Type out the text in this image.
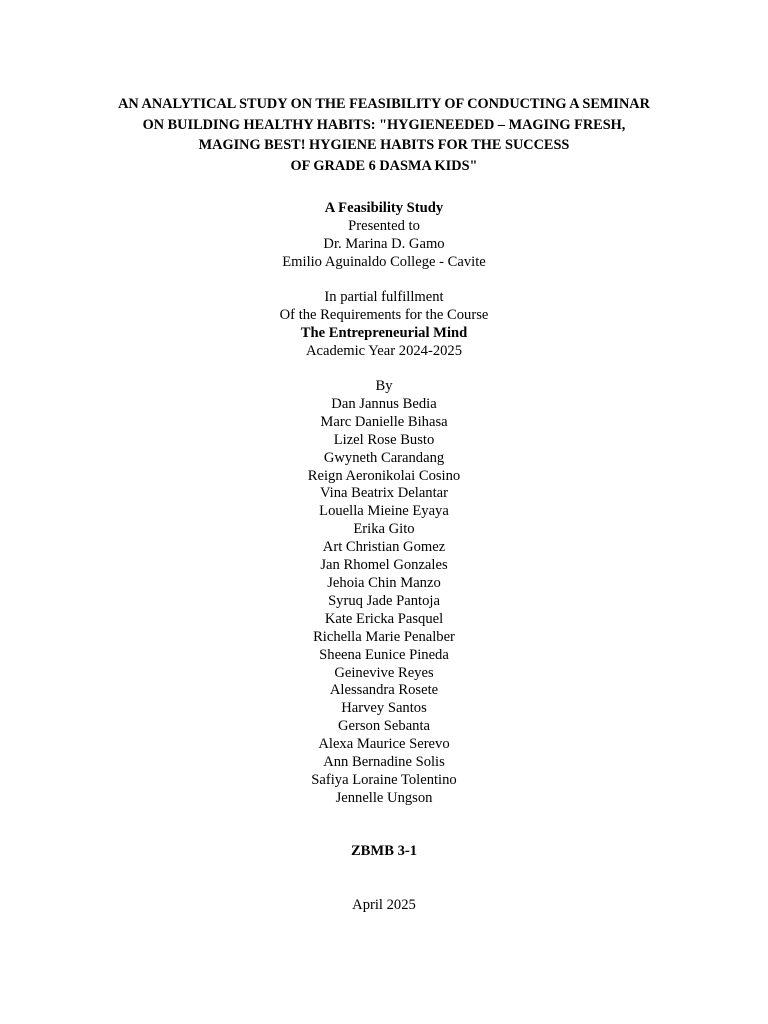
AN ANALYTICAL STUDY ON THE FEASIBILITY OF CONDUCTING A SEMINAR
ON BUILDING HEALTHY HABITS: "HYGIENEEDED – MAGING FRESH,
MAGING BEST! HYGIENE HABITS FOR THE SUCCESS
OF GRADE 6 DASMA KIDS"
A Feasibility Study
Presented to
Dr. Marina D. Gamo
Emilio Aguinaldo College - Cavite
In partial fulfillment
Of the Requirements for the Course
The Entrepreneurial Mind
Academic Year 2024-2025
By
Dan Jannus Bedia
Marc Danielle Bihasa
Lizel Rose Busto
Gwyneth Carandang
Reign Aeronikolai Cosino
Vina Beatrix Delantar
Louella Mieine Eyaya
Erika Gito
Art Christian Gomez
Jan Rhomel Gonzales
Jehoia Chin Manzo
Syruq Jade Pantoja
Kate Ericka Pasquel
Richella Marie Penalber
Sheena Eunice Pineda
Geinevive Reyes
Alessandra Rosete
Harvey Santos
Gerson Sebanta
Alexa Maurice Serevo
Ann Bernadine Solis
Safiya Loraine Tolentino
Jennelle Ungson
ZBMB 3-1
April 2025
